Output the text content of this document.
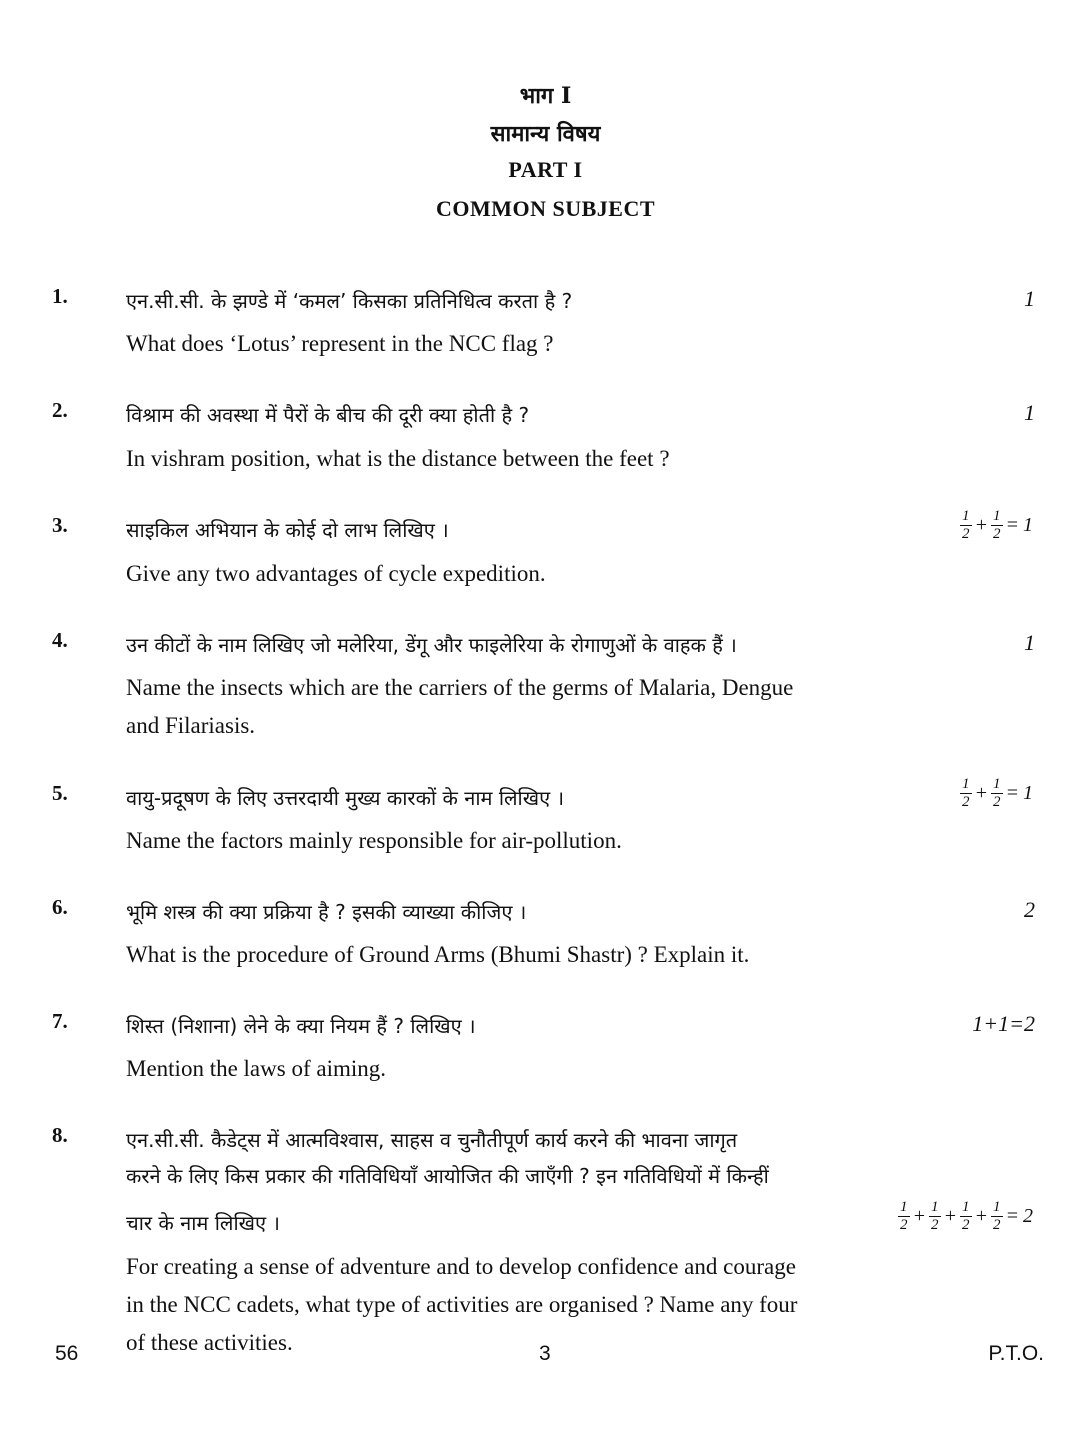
भाग I
सामान्य विषय
PART I
COMMON SUBJECT
1.	एन.सी.सी. के झण्डे में ‘कमल’ किसका प्रतिनिधित्व करता है ?
What does ‘Lotus’ represent in the NCC flag ?
1
2.	विश्राम की अवस्था में पैरों के बीच की दूरी क्या होती है ?
In vishram position, what is the distance between the feet ?
1
3.	साइकिल अभियान के कोई दो लाभ लिखिए ।
Give any two advantages of cycle expedition.
$\frac{1}{2} + \frac{1}{2} = 1$
4.	उन कीटों के नाम लिखिए जो मलेरिया, डेंगू और फाइलेरिया के रोगाणुओं के वाहक हैं ।
Name the insects which are the carriers of the germs of Malaria, Dengue
and Filariasis.
1
5.	वायु-प्रदूषण के लिए उत्तरदायी मुख्य कारकों के नाम लिखिए ।
Name the factors mainly responsible for air-pollution.
$\frac{1}{2} + \frac{1}{2} = 1$
6.	भूमि शस्त्र की क्या प्रक्रिया है ? इसकी व्याख्या कीजिए ।
What is the procedure of Ground Arms (Bhumi Shastr) ? Explain it.
2
7.	शिस्त (निशाना) लेने के क्या नियम हैं ? लिखिए ।
Mention the laws of aiming.
1+1=2
8.	एन.सी.सी. कैडेट्स में आत्मविश्वास, साहस व चुनौतीपूर्ण कार्य करने की भावना जागृत
करने के लिए किस प्रकार की गतिविधियाँ आयोजित की जाएँगी ? इन गतिविधियों में किन्हीं
चार के नाम लिखिए ।
For creating a sense of adventure and to develop confidence and courage
in the NCC cadets, what type of activities are organised ? Name any four
of these activities.
$\frac{1}{2} + \frac{1}{2} + \frac{1}{2} + \frac{1}{2} = 2$
56	3	P.T.O.
